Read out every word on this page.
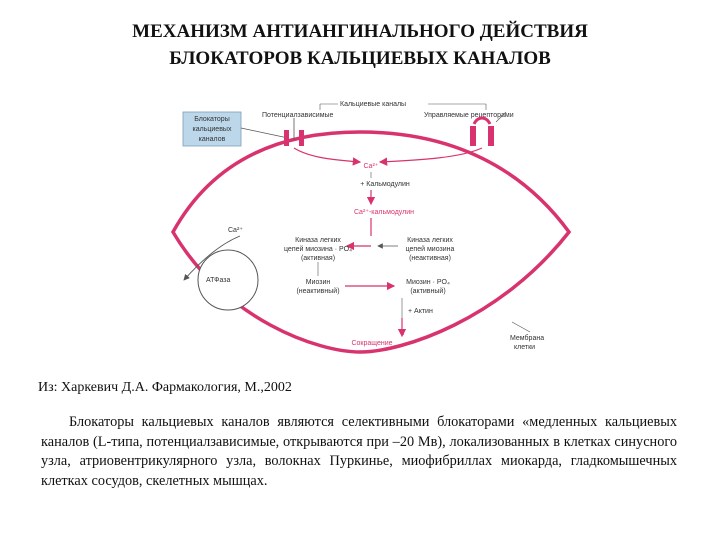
МЕХАНИЗМ АНТИАНГИНАЛЬНОГО ДЕЙСТВИЯ
БЛОКАТОРОВ КАЛЬЦИЕВЫХ КАНАЛОВ
Блокаторы
кальциевых
каналов
Кальциевые каналы
Потенциалзависимые	Управляемые рецепторами
Ca²⁺
+ Кальмодулин
Ca²⁺-кальмодулин
Киназа легких
цепей миозина · PO₄
(активная)
Киназа легких
цепей миозина
(неактивная)
Миозин
(неактивный)
Миозин · PO₄
(активный)
+ Актин
Сокращение
Ca²⁺
АТФаза
Мембрана
клетки
Из: Харкевич Д.А. Фармакология, М.,2002
Блокаторы кальциевых каналов являются селективными блокаторами «медленных кальциевых каналов (L-типа, потенциалзависимые, открываются при –20 Мв), локализованных в клетках синусного узла, атриовентрикулярного узла, волокнах Пуркинье, миофибриллах миокарда, гладкомышечных клетках сосудов, скелетных мышцах.
